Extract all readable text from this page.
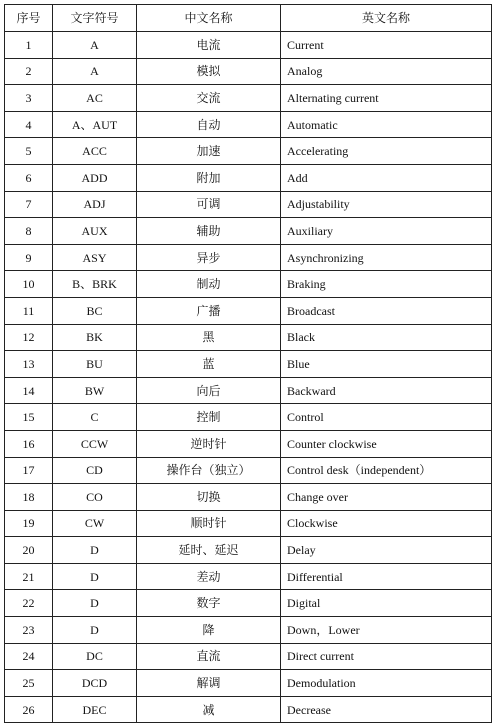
序号	文字符号	中文名称	英文名称
1	A	电流	Current
2	A	模拟	Analog
3	AC	交流	Alternating current
4	A、AUT	自动	Automatic
5	ACC	加速	Accelerating
6	ADD	附加	Add
7	ADJ	可调	Adjustability
8	AUX	辅助	Auxiliary
9	ASY	异步	Asynchronizing
10	B、BRK	制动	Braking
11	BC	广播	Broadcast
12	BK	黑	Black
13	BU	蓝	Blue
14	BW	向后	Backward
15	C	控制	Control
16	CCW	逆时针	Counter clockwise
17	CD	操作台（独立）	Control desk（independent）
18	CO	切换	Change over
19	CW	顺时针	Clockwise
20	D	延时、延迟	Delay
21	D	差动	Differential
22	D	数字	Digital
23	D	降	Down，Lower
24	DC	直流	Direct current
25	DCD	解调	Demodulation
26	DEC	减	Decrease
